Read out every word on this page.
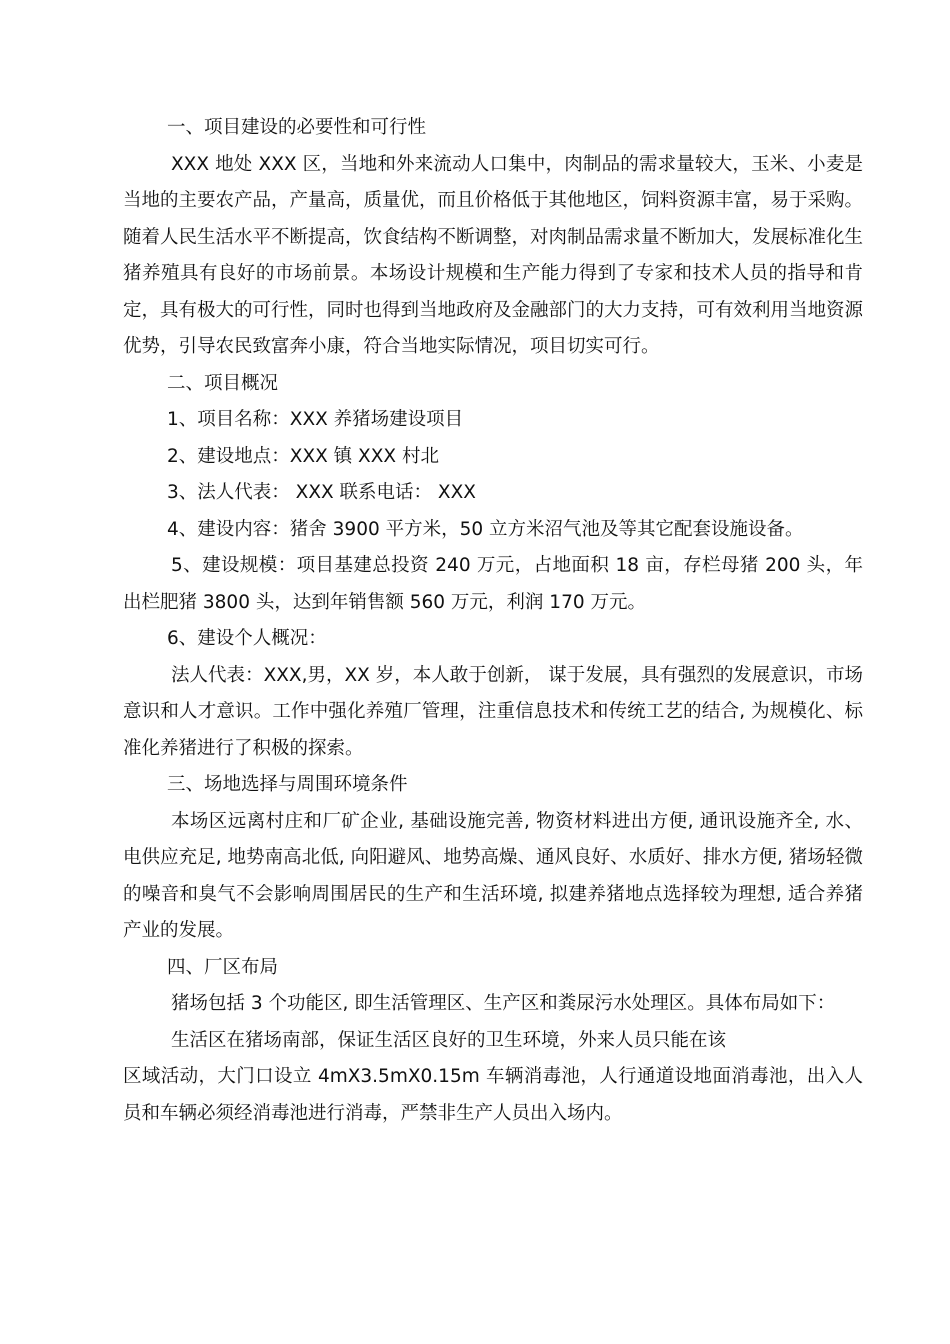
一、项目建设的必要性和可行性

XXX 地处 XXX 区，当地和外来流动人口集中，肉制品的需求量较大，玉米、小麦是当地的主要农产品，产量高，质量优，而且价格低于其他地区，饲料资源丰富，易于采购。随着人民生活水平不断提高，饮食结构不断调整，对肉制品需求量不断加大，发展标准化生猪养殖具有良好的市场前景。本场设计规模和生产能力得到了专家和技术人员的指导和肯定，具有极大的可行性，同时也得到当地政府及金融部门的大力支持，可有效利用当地资源优势，引导农民致富奔小康，符合当地实际情况，项目切实可行。

二、项目概况

1、项目名称：XXX 养猪场建设项目

2、建设地点：XXX 镇 XXX 村北

3、法人代表： XXX 联系电话： XXX

4、建设内容：猪舍 3900 平方米，50 立方米沼气池及等其它配套设施设备。

5、建设规模：项目基建总投资 240 万元，占地面积 18 亩，存栏母猪 200 头，年出栏肥猪 3800 头，达到年销售额 560 万元，利润 170 万元。

6、建设个人概况：

法人代表：XXX,男，XX 岁，本人敢于创新， 谋于发展，具有强烈的发展意识，市场意识和人才意识。工作中强化养殖厂管理，注重信息技术和传统工艺的结合, 为规模化、标准化养猪进行了积极的探索。

三、场地选择与周围环境条件

本场区远离村庄和厂矿企业, 基础设施完善, 物资材料进出方便, 通讯设施齐全, 水、电供应充足, 地势南高北低, 向阳避风、地势高燥、通风良好、水质好、排水方便, 猪场轻微的噪音和臭气不会影响周围居民的生产和生活环境, 拟建养猪地点选择较为理想, 适合养猪产业的发展。

四、厂区布局

猪场包括 3 个功能区, 即生活管理区、生产区和粪尿污水处理区。具体布局如下：

生活区在猪场南部，保证生活区良好的卫生环境，外来人员只能在该

区域活动，大门口设立 4mX3.5mX0.15m 车辆消毒池，人行通道设地面消毒池，出入人员和车辆必须经消毒池进行消毒，严禁非生产人员出入场内。
